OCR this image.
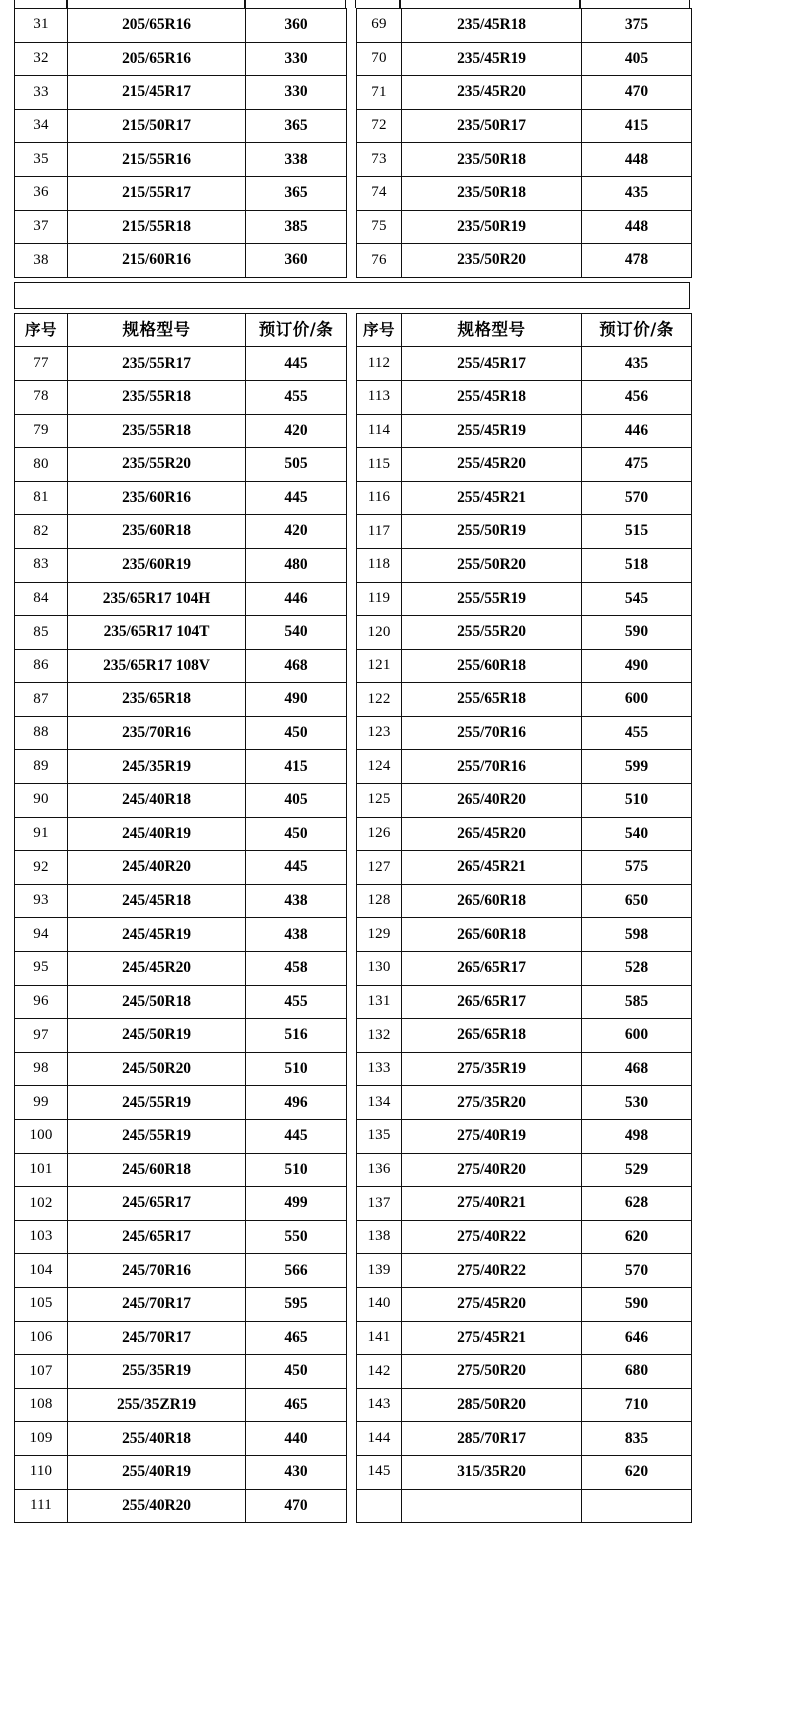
31	205/65R16	360
32	205/65R16	330
33	215/45R17	330
34	215/50R17	365
35	215/55R16	338
36	215/55R17	365
37	215/55R18	385
38	215/60R16	360
69	235/45R18	375
70	235/45R19	405
71	235/45R20	470
72	235/50R17	415
73	235/50R18	448
74	235/50R18	435
75	235/50R19	448
76	235/50R20	478
序号	规格型号	预订价/条
77	235/55R17	445
78	235/55R18	455
79	235/55R18	420
80	235/55R20	505
81	235/60R16	445
82	235/60R18	420
83	235/60R19	480
84	235/65R17 104H	446
85	235/65R17 104T	540
86	235/65R17 108V	468
87	235/65R18	490
88	235/70R16	450
89	245/35R19	415
90	245/40R18	405
91	245/40R19	450
92	245/40R20	445
93	245/45R18	438
94	245/45R19	438
95	245/45R20	458
96	245/50R18	455
97	245/50R19	516
98	245/50R20	510
99	245/55R19	496
100	245/55R19	445
101	245/60R18	510
102	245/65R17	499
103	245/65R17	550
104	245/70R16	566
105	245/70R17	595
106	245/70R17	465
107	255/35R19	450
108	255/35ZR19	465
109	255/40R18	440
110	255/40R19	430
111	255/40R20	470
序号	规格型号	预订价/条
112	255/45R17	435
113	255/45R18	456
114	255/45R19	446
115	255/45R20	475
116	255/45R21	570
117	255/50R19	515
118	255/50R20	518
119	255/55R19	545
120	255/55R20	590
121	255/60R18	490
122	255/65R18	600
123	255/70R16	455
124	255/70R16	599
125	265/40R20	510
126	265/45R20	540
127	265/45R21	575
128	265/60R18	650
129	265/60R18	598
130	265/65R17	528
131	265/65R17	585
132	265/65R18	600
133	275/35R19	468
134	275/35R20	530
135	275/40R19	498
136	275/40R20	529
137	275/40R21	628
138	275/40R22	620
139	275/40R22	570
140	275/45R20	590
141	275/45R21	646
142	275/50R20	680
143	285/50R20	710
144	285/70R17	835
145	315/35R20	620
